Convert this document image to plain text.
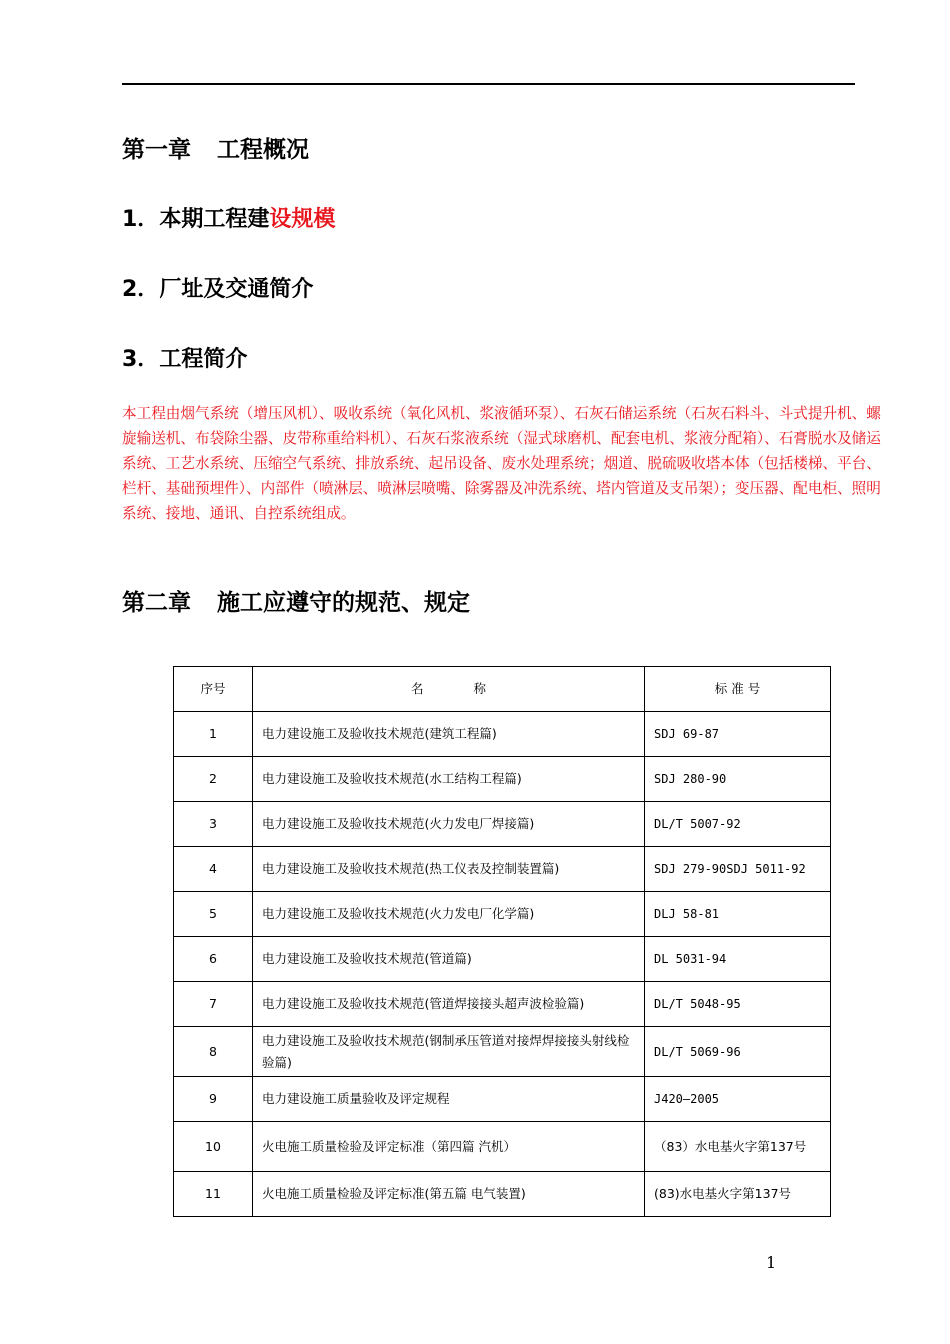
第一章 工程概况
1．本期工程建设规模
2．厂址及交通简介
3．工程简介
本工程由烟气系统（增压风机）、吸收系统（氧化风机、浆液循环泵）、石灰石储运系统（石灰石料斗、斗式提升机、螺旋输送机、布袋除尘器、皮带称重给料机）、石灰石浆液系统（湿式球磨机、配套电机、浆液分配箱）、石膏脱水及储运系统、工艺水系统、压缩空气系统、排放系统、起吊设备、废水处理系统；烟道、脱硫吸收塔本体（包括楼梯、平台、栏杆、基础预埋件）、内部件（喷淋层、喷淋层喷嘴、除雾器及冲洗系统、塔内管道及支吊架）；变压器、配电柜、照明系统、接地、通讯、自控系统组成。
第二章 施工应遵守的规范、规定
序号	名　　　　称	标 准 号
1	电力建设施工及验收技术规范(建筑工程篇)	SDJ 69-87
2	电力建设施工及验收技术规范(水工结构工程篇)	SDJ 280-90
3	电力建设施工及验收技术规范(火力发电厂焊接篇)	DL/T 5007-92
4	电力建设施工及验收技术规范(热工仪表及控制装置篇)	SDJ 279-90SDJ 5011-92
5	电力建设施工及验收技术规范(火力发电厂化学篇)	DLJ 58-81
6	电力建设施工及验收技术规范(管道篇)	DL 5031-94
7	电力建设施工及验收技术规范(管道焊接接头超声波检验篇)	DL/T 5048-95
8	电力建设施工及验收技术规范(钢制承压管道对接焊焊接接头射线检验篇)	DL/T 5069-96
9	电力建设施工质量验收及评定规程	J420—2005
10	火电施工质量检验及评定标准（第四篇 汽机）	（83）水电基火字第137号
11	火电施工质量检验及评定标准(第五篇 电气装置)	(83)水电基火字第137号
1
